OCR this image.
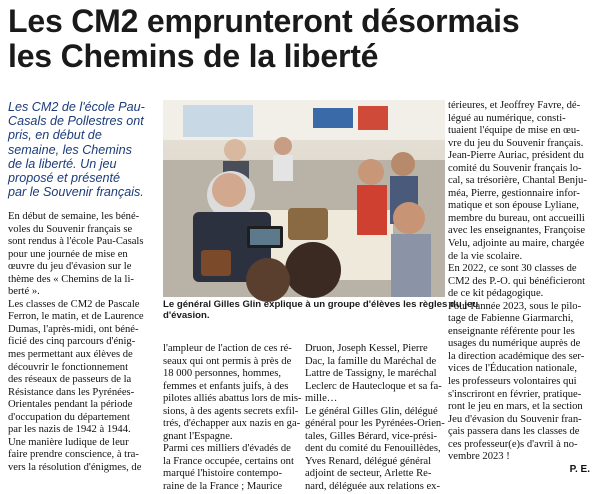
Les CM2 emprunteront désormais
les Chemins de la liberté
Les CM2 de l'école Pau-
Casals de Pollestres ont
pris, en début de
semaine, les Chemins
de la liberté. Un jeu
proposé et présenté
par le Souvenir français.
En début de semaine, les béné-
voles du Souvenir français se
sont rendus à l'école Pau-Casals
pour une journée de mise en
œuvre du jeu d'évasion sur le
thème des « Chemins de la li-
berté ».
Les classes de CM2 de Pascale
Ferron, le matin, et de Laurence
Dumas, l'après-midi, ont béné-
ficié des cinq parcours d'énig-
mes permettant aux élèves de
découvrir le fonctionnement
des réseaux de passeurs de la
Résistance dans les Pyrénées-
Orientales pendant la période
d'occupation du département
par les nazis de 1942 à 1944.
Une manière ludique de leur
faire prendre conscience, à tra-
vers la résolution d'énigmes, de
Le général Gilles Glin explique à un groupe d'élèves les règles du jeu
d'évasion.
l'ampleur de l'action de ces ré-
seaux qui ont permis à près de
18 000 personnes, hommes,
femmes et enfants juifs, à des
pilotes alliés abattus lors de mis-
sions, à des agents secrets exfil-
trés, d'échapper aux nazis en ga-
gnant l'Espagne.
Parmi ces milliers d'évadés de
la France occupée, certains ont
marqué l'histoire contempo-
raine de la France ; Maurice
Druon, Joseph Kessel, Pierre
Dac, la famille du Maréchal de
Lattre de Tassigny, le maréchal
Leclerc de Hautecloque et sa fa-
mille…
Le général Gilles Glin, délégué
général pour les Pyrénées-Orien-
tales, Gilles Bérard, vice-prési-
dent du comité du Fenouillèdes,
Yves Renard, délégué général
adjoint de secteur, Arlette Re-
nard, déléguée aux relations ex-
térieures, et Jeoffrey Favre, dé-
légué au numérique, consti-
tuaient l'équipe de mise en œu-
vre du jeu du Souvenir français.
Jean-Pierre Auriac, président du
comité du Souvenir français lo-
cal, sa trésorière, Chantal Benju-
méa, Pierre, gestionnaire infor-
matique et son épouse Lyliane,
membre du bureau, ont accueilli
avec les enseignantes, Françoise
Velu, adjointe au maire, chargée
de la vie scolaire.
En 2022, ce sont 30 classes de
CM2 des P.-O. qui bénéficieront
de ce kit pédagogique.
Pour l'année 2023, sous le pilo-
tage de Fabienne Giarmarchi,
enseignante référente pour les
usages du numérique auprès de
la direction académique des ser-
vices de l'Éducation nationale,
les professeurs volontaires qui
s'inscriront en février, pratique-
ront le jeu en mars, et la section
Jeu d'évasion du Souvenir fran-
çais passera dans les classes de
ces professeur(e)s d'avril à no-
vembre 2023 !
P. E.
